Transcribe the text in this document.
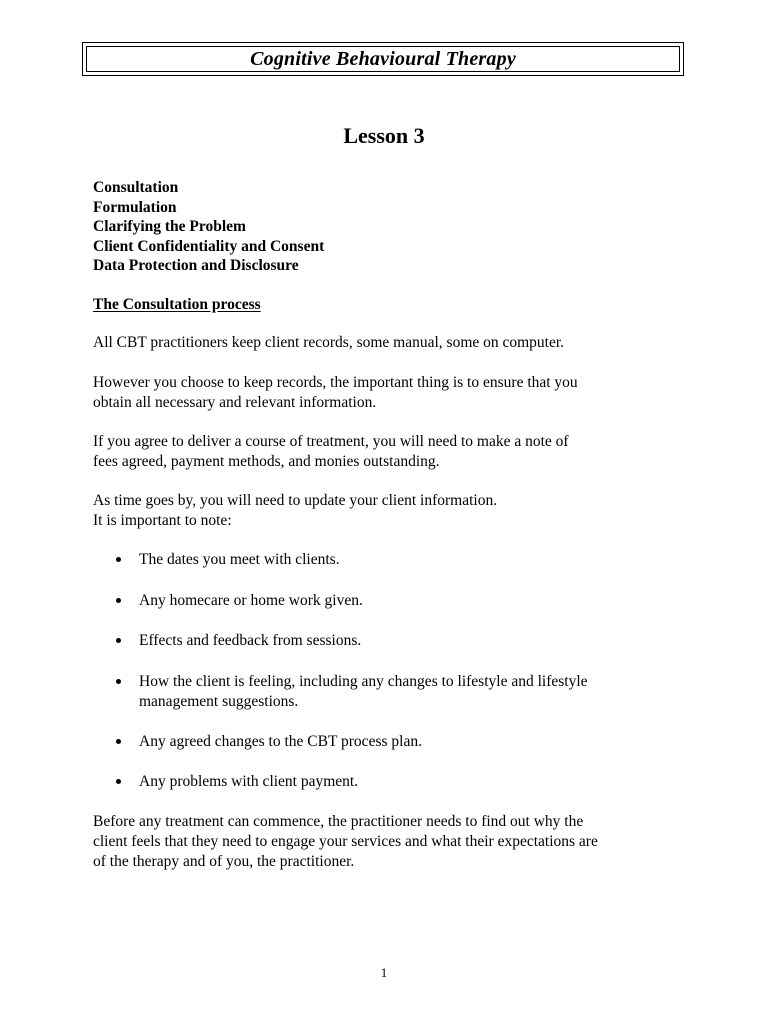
Cognitive Behavioural Therapy
Lesson 3
Consultation
Formulation
Clarifying the Problem
Client Confidentiality and Consent
Data Protection and Disclosure
The Consultation process
All CBT practitioners keep client records, some manual, some on computer.
However you choose to keep records, the important thing is to ensure that you
obtain all necessary and relevant information.
If you agree to deliver a course of treatment, you will need to make a note of
fees agreed, payment methods, and monies outstanding.
As time goes by, you will need to update your client information.
It is important to note:
The dates you meet with clients.
Any homecare or home work given.
Effects and feedback from sessions.
How the client is feeling, including any changes to lifestyle and lifestyle
management suggestions.
Any agreed changes to the CBT process plan.
Any problems with client payment.
Before any treatment can commence, the practitioner needs to find out why the
client feels that they need to engage your services and what their expectations are
of the therapy and of you, the practitioner.
1
